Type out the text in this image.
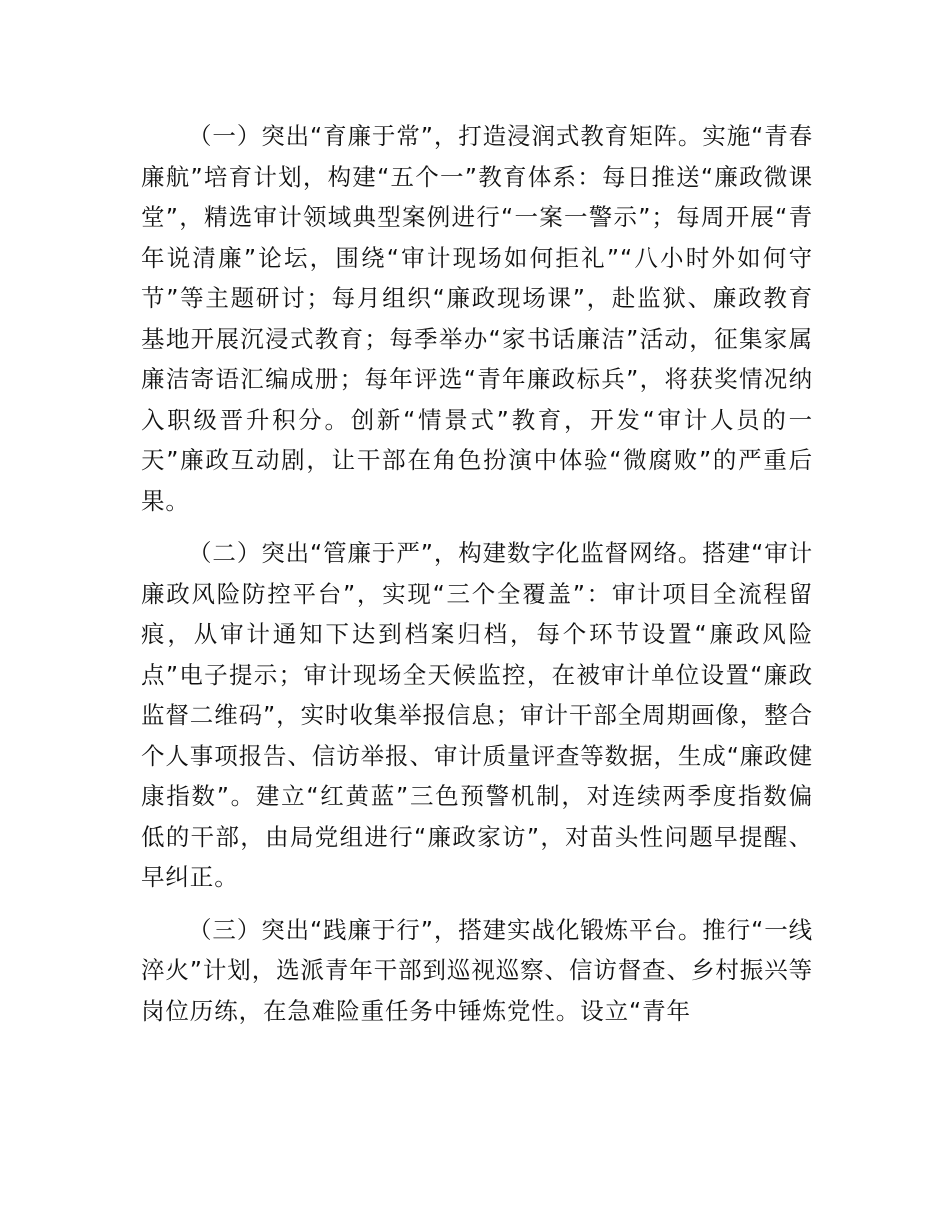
（一）突出“育廉于常”，打造浸润式教育矩阵。实施“青春廉航”培育计划，构建“五个一”教育体系：每日推送“廉政微课堂”，精选审计领域典型案例进行“一案一警示”；每周开展“青年说清廉”论坛，围绕“审计现场如何拒礼”“八小时外如何守节”等主题研讨；每月组织“廉政现场课”，赴监狱、廉政教育基地开展沉浸式教育；每季举办“家书话廉洁”活动，征集家属廉洁寄语汇编成册；每年评选“青年廉政标兵”，将获奖情况纳入职级晋升积分。创新“情景式”教育，开发“审计人员的一天”廉政互动剧，让干部在角色扮演中体验“微腐败”的严重后果。

（二）突出“管廉于严”，构建数字化监督网络。搭建“审计廉政风险防控平台”，实现“三个全覆盖”：审计项目全流程留痕，从审计通知下达到档案归档，每个环节设置“廉政风险点”电子提示；审计现场全天候监控，在被审计单位设置“廉政监督二维码”，实时收集举报信息；审计干部全周期画像，整合个人事项报告、信访举报、审计质量评查等数据，生成“廉政健康指数”。建立“红黄蓝”三色预警机制，对连续两季度指数偏低的干部，由局党组进行“廉政家访”，对苗头性问题早提醒、早纠正。

（三）突出“践廉于行”，搭建实战化锻炼平台。推行“一线淬火”计划，选派青年干部到巡视巡察、信访督查、乡村振兴等岗位历练，在急难险重任务中锤炼党性。设立“青年
